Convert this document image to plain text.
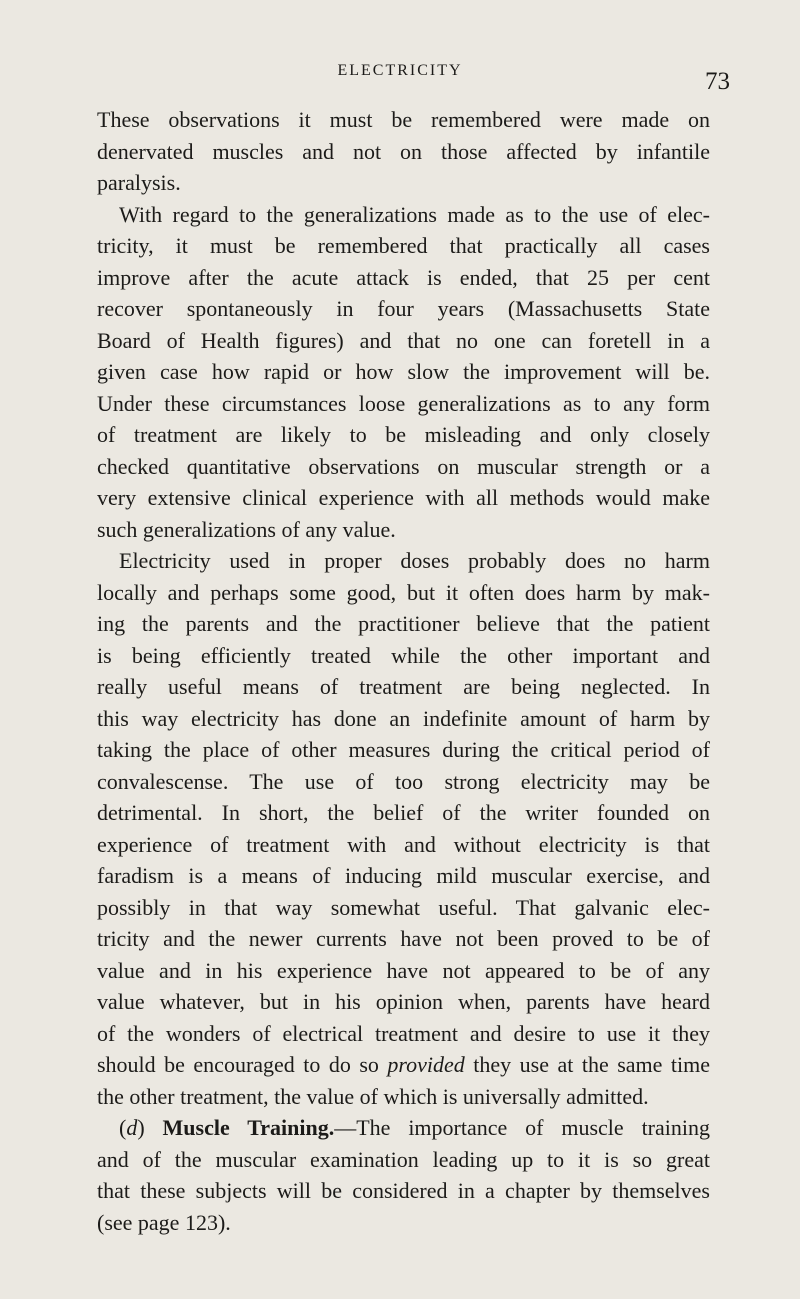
ELECTRICITY	73
These observations it must be remembered were made on
denervated muscles and not on those affected by infantile
paralysis.
With regard to the generalizations made as to the use of elec-
tricity, it must be remembered that practically all cases
improve after the acute attack is ended, that 25 per cent
recover spontaneously in four years (Massachusetts State
Board of Health figures) and that no one can foretell in a
given case how rapid or how slow the improvement will be.
Under these circumstances loose generalizations as to any form
of treatment are likely to be misleading and only closely
checked quantitative observations on muscular strength or a
very extensive clinical experience with all methods would make
such generalizations of any value.
Electricity used in proper doses probably does no harm
locally and perhaps some good, but it often does harm by mak-
ing the parents and the practitioner believe that the patient
is being efficiently treated while the other important and
really useful means of treatment are being neglected. In
this way electricity has done an indefinite amount of harm by
taking the place of other measures during the critical period of
convalescense. The use of too strong electricity may be
detrimental. In short, the belief of the writer founded on
experience of treatment with and without electricity is that
faradism is a means of inducing mild muscular exercise, and
possibly in that way somewhat useful. That galvanic elec-
tricity and the newer currents have not been proved to be of
value and in his experience have not appeared to be of any
value whatever, but in his opinion when, parents have heard
of the wonders of electrical treatment and desire to use it they
should be encouraged to do so provided they use at the same time
the other treatment, the value of which is universally admitted.
(d) Muscle Training.—The importance of muscle training
and of the muscular examination leading up to it is so great
that these subjects will be considered in a chapter by themselves
(see page 123).
